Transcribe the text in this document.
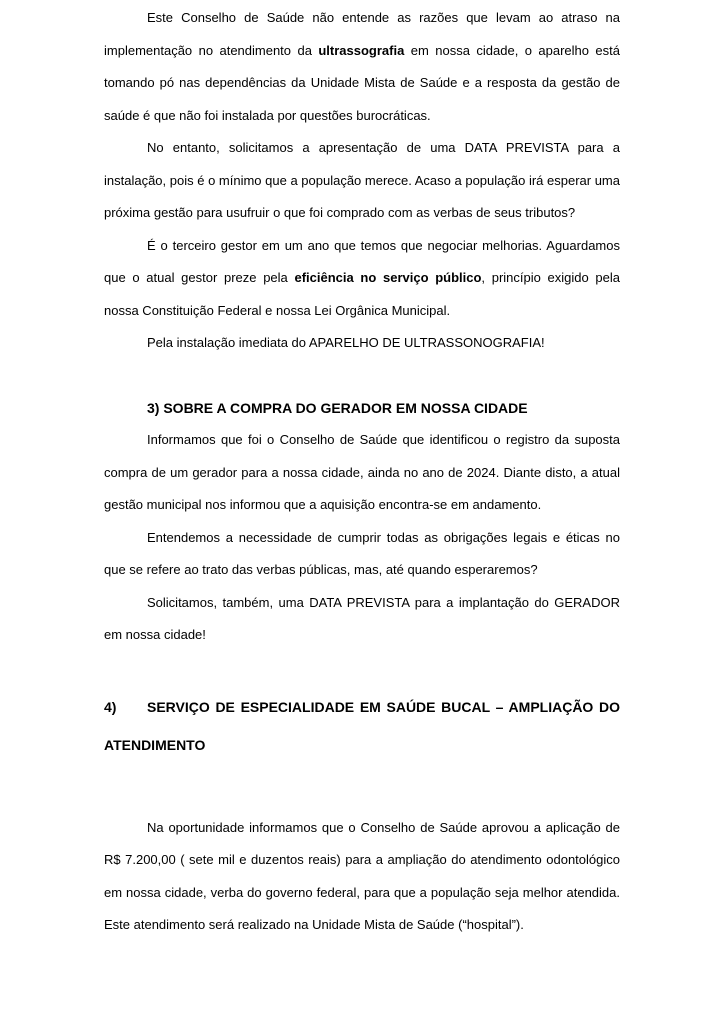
Este Conselho de Saúde não entende as razões que levam ao atraso na implementação no atendimento da ultrassografia em nossa cidade, o aparelho está tomando pó nas dependências da Unidade Mista de Saúde e a resposta da gestão de saúde é que não foi instalada por questões burocráticas.

No entanto, solicitamos a apresentação de uma DATA PREVISTA para a instalação, pois é o mínimo que a população merece. Acaso a população irá esperar uma próxima gestão para usufruir o que foi comprado com as verbas de seus tributos?

É o terceiro gestor em um ano que temos que negociar melhorias. Aguardamos que o atual gestor preze pela eficiência no serviço público, princípio exigido pela nossa Constituição Federal e nossa Lei Orgânica Municipal.

Pela instalação imediata do APARELHO DE ULTRASSONOGRAFIA!

3) SOBRE A COMPRA DO GERADOR EM NOSSA CIDADE

Informamos que foi o Conselho de Saúde que identificou o registro da suposta compra de um gerador para a nossa cidade, ainda no ano de 2024. Diante disto, a atual gestão municipal nos informou que a aquisição encontra-se em andamento.

Entendemos a necessidade de cumprir todas as obrigações legais e éticas no que se refere ao trato das verbas públicas, mas, até quando esperaremos?

Solicitamos, também, uma DATA PREVISTA para a implantação do GERADOR em nossa cidade!

4) SERVIÇO DE ESPECIALIDADE EM SAÚDE BUCAL – AMPLIAÇÃO DO ATENDIMENTO

Na oportunidade informamos que o Conselho de Saúde aprovou a aplicação de R$ 7.200,00 ( sete mil e duzentos reais) para a ampliação do atendimento odontológico em nossa cidade, verba do governo federal, para que a população seja melhor atendida. Este atendimento será realizado na Unidade Mista de Saúde (“hospital”).
